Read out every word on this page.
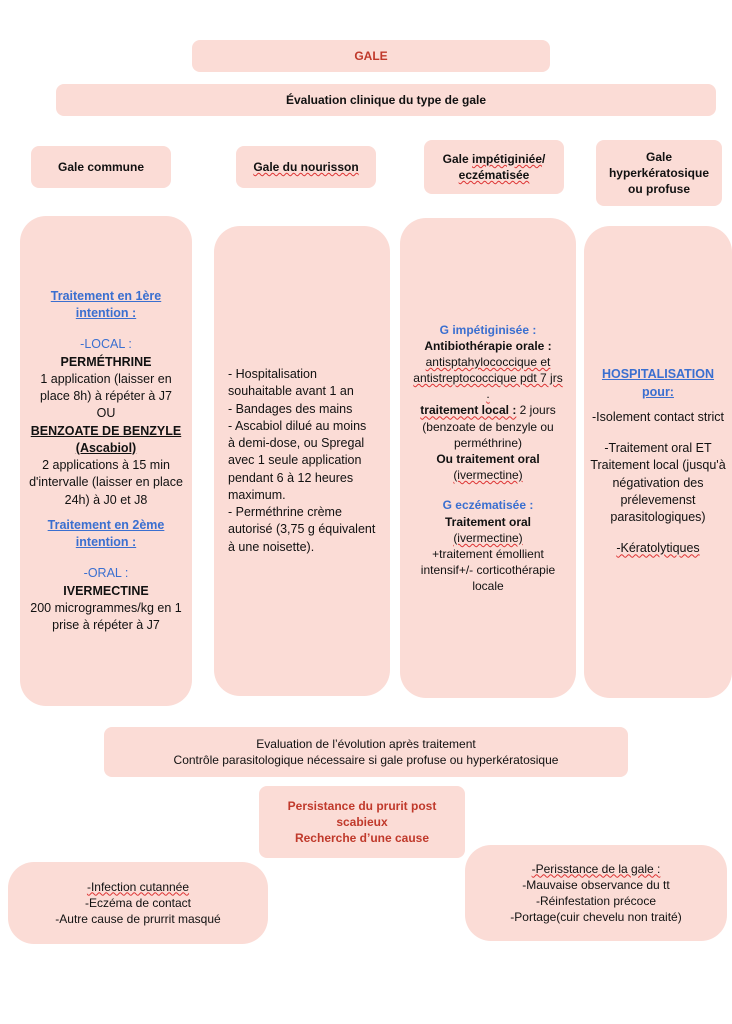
GALE
Évaluation clinique du type de gale
Gale commune	Gale du nourisson
Gale impétiginiée/ eczématisée
Gale hyperkératosique ou profuse

Traitement en 1ère intention :

-LOCAL :

PERMÉTHRINE

1 application (laisser en place 8h) à répéter à J7

OU

BENZOATE DE BENZYLE (Ascabiol)

2 applications à 15 min d'intervalle (laisser en place 24h) à J0 et J8

Traitement en 2ème intention :

-ORAL :

IVERMECTINE

200 microgrammes/kg en 1 prise à répéter à J7

- Hospitalisation souhaitable avant 1 an

- Bandages des mains

- Ascabiol dilué au moins à demi-dose, ou Spregal avec 1 seule application pendant 6 à 12 heures maximum.

- Perméthrine crème autorisé (3,75 g équivalent à une noisette).

G impétiginisée :

Antibiothérapie orale :

antisptahylococcique et antistreptococcique pdt 7 jrs .

traitement local : 2 jours

(benzoate de benzyle ou perméthrine)

Ou traitement oral

(ivermectine)

G eczématisée :

Traitement oral

(ivermectine)

+traitement émollient intensif+/- corticothérapie locale

HOSPITALISATION pour:

-Isolement contact strict

-Traitement oral ET Traitement local (jusqu'à négativation des prélevemenst parasitologiques)

-Kératolytiques

Evaluation de l’évolution après traitement

Contrôle parasitologique nécessaire si gale profuse ou hyperkératosique

Persistance du prurit post scabieux

Recherche d’une cause

-Infection cutannée

-Eczéma de contact

-Autre cause de prurrit masqué

-Perisstance de la gale :

-Mauvaise observance du tt

-Réinfestation précoce

-Portage(cuir chevelu non traité)
